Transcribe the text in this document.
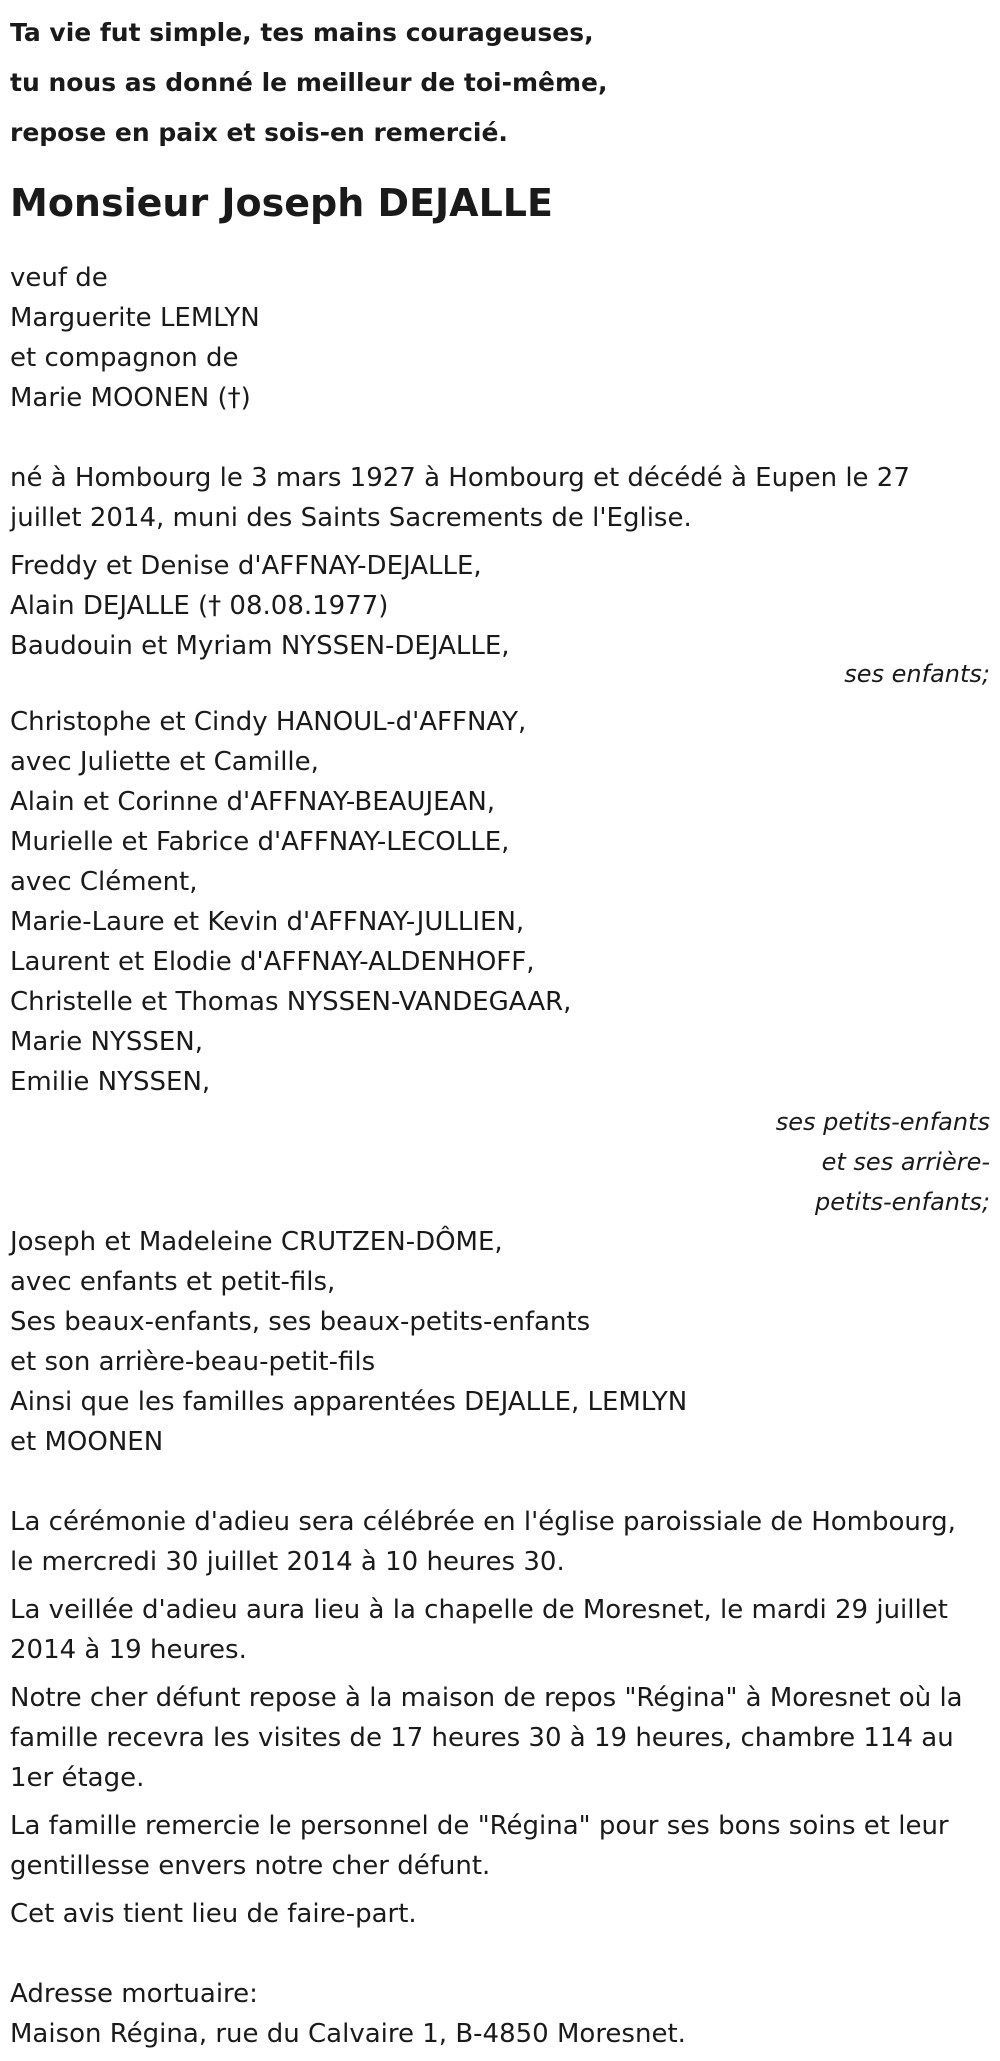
Ta vie fut simple, tes mains courageuses,
tu nous as donné le meilleur de toi-même,
repose en paix et sois-en remercié.
Monsieur Joseph DEJALLE
veuf de
Marguerite LEMLYN
et compagnon de
Marie MOONEN (†)
né à Hombourg le 3 mars 1927 à Hombourg et décédé à Eupen le 27
juillet 2014, muni des Saints Sacrements de l'Eglise.
Freddy et Denise d'AFFNAY-DEJALLE,
Alain DEJALLE († 08.08.1977)
Baudouin et Myriam NYSSEN-DEJALLE,
ses enfants;
Christophe et Cindy HANOUL-d'AFFNAY,
avec Juliette et Camille,
Alain et Corinne d'AFFNAY-BEAUJEAN,
Murielle et Fabrice d'AFFNAY-LECOLLE,
avec Clément,
Marie-Laure et Kevin d'AFFNAY-JULLIEN,
Laurent et Elodie d'AFFNAY-ALDENHOFF,
Christelle et Thomas NYSSEN-VANDEGAAR,
Marie NYSSEN,
Emilie NYSSEN,
ses petits-enfants
et ses arrière-
petits-enfants;
Joseph et Madeleine CRUTZEN-DÔME,
avec enfants et petit-fils,
Ses beaux-enfants, ses beaux-petits-enfants
et son arrière-beau-petit-fils
Ainsi que les familles apparentées DEJALLE, LEMLYN
et MOONEN
La cérémonie d'adieu sera célébrée en l'église paroissiale de Hombourg,
le mercredi 30 juillet 2014 à 10 heures 30.
La veillée d'adieu aura lieu à la chapelle de Moresnet, le mardi 29 juillet
2014 à 19 heures.
Notre cher défunt repose à la maison de repos "Régina" à Moresnet où la
famille recevra les visites de 17 heures 30 à 19 heures, chambre 114 au
1er étage.
La famille remercie le personnel de "Régina" pour ses bons soins et leur
gentillesse envers notre cher défunt.
Cet avis tient lieu de faire-part.
Adresse mortuaire:
Maison Régina, rue du Calvaire 1, B-4850 Moresnet.
